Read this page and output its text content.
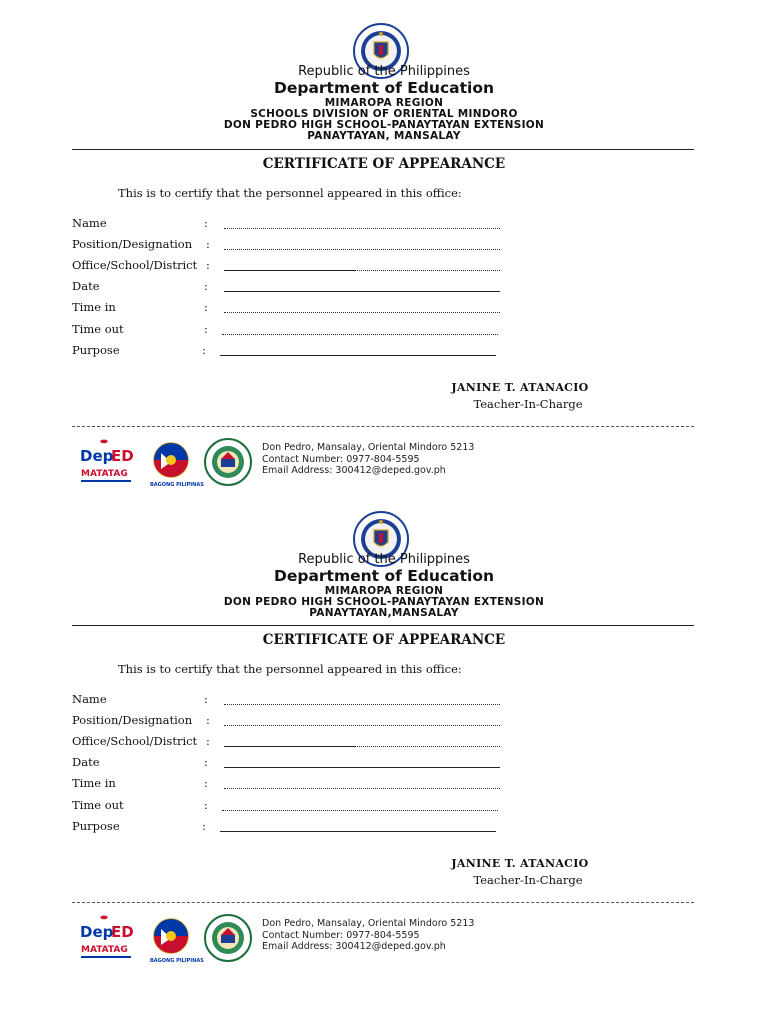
Republic of the Philippines
Department of Education
MIMAROPA REGION
SCHOOLS DIVISION OF ORIENTAL MINDORO
DON PEDRO HIGH SCHOOL-PANAYTAYAN EXTENSION
PANAYTAYAN, MANSALAY
CERTIFICATE OF APPEARANCE
This is to certify that the personnel appeared in this office:
Name	:
Position/Designation :
Office/School/District :
Date	:
Time in	:
Time out	:
Purpose	:
JANINE T. ATANACIO
Teacher-In-Charge
Dep
ED
MATATAG
BAGONG PILIPINAS
Don Pedro, Mansalay, Oriental Mindoro 5213
Contact Number: 0977-804-5595
Email Address: 300412@deped.gov.ph
Republic of the Philippines
Department of Education
MIMAROPA REGION
DON PEDRO HIGH SCHOOL-PANAYTAYAN EXTENSION
PANAYTAYAN,MANSALAY
CERTIFICATE OF APPEARANCE
This is to certify that the personnel appeared in this office:
Name	:
Position/Designation :
Office/School/District :
Date	:
Time in	:
Time out	:
Purpose	:
JANINE T. ATANACIO
Teacher-In-Charge
Dep
ED
MATATAG
BAGONG PILIPINAS
Don Pedro, Mansalay, Oriental Mindoro 5213
Contact Number: 0977-804-5595
Email Address: 300412@deped.gov.ph
